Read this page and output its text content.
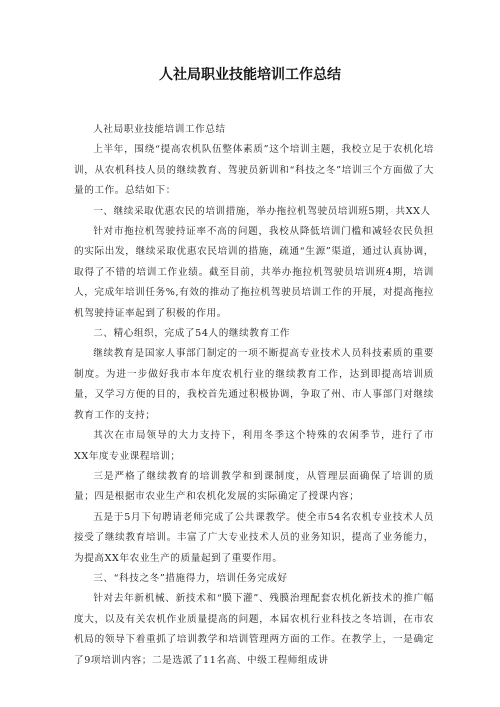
人社局职业技能培训工作总结

人社局职业技能培训工作总结

上半年，围绕“提高农机队伍整体素质”这个培训主题，我校立足于农机化培训，从农机科技人员的继续教育、驾驶员新训和“科技之冬”培训三个方面做了大量的工作。总结如下：

一、继续采取优惠农民的培训措施，举办拖拉机驾驶员培训班5期，共XX人

针对市拖拉机驾驶持证率不高的问题，我校从降低培训门槛和减轻农民负担的实际出发，继续采取优惠农民培训的措施，疏通“生源”渠道，通过认真协调，取得了不错的培训工作业绩。截至目前，共举办拖拉机驾驶员培训班4期，培训人，完成年培训任务%,有效的推动了拖拉机驾驶员培训工作的开展，对提高拖拉机驾驶持证率起到了积极的作用。

二、精心组织，完成了54人的继续教育工作

继续教育是国家人事部门制定的一项不断提高专业技术人员科技素质的重要制度。为进一步做好我市本年度农机行业的继续教育工作，达到即提高培训质量，又学习方便的目的，我校首先通过积极协调，争取了州、市人事部门对继续教育工作的支持；

其次在市局领导的大力支持下，利用冬季这个特殊的农闲季节，进行了市XX年度专业课程培训；

三是严格了继续教育的培训教学和到课制度，从管理层面确保了培训的质量；四是根据市农业生产和农机化发展的实际确定了授课内容；

五是于5月下旬聘请老师完成了公共课教学。使全市54名农机专业技术人员接受了继续教育培训。丰富了广大专业技术人员的业务知识，提高了业务能力，为提高XX年农业生产的质量起到了重要作用。

三、“科技之冬”措施得力，培训任务完成好

针对去年新机械、新技术和“膜下灌”、残膜治理配套农机化新技术的推广幅度大，以及有关农机作业质量提高的问题，本届农机行业科技之冬培训，在市农机局的领导下着重抓了培训教学和培训管理两方面的工作。在教学上，一是确定了9项培训内容；二是选派了11名高、中级工程师组成讲
